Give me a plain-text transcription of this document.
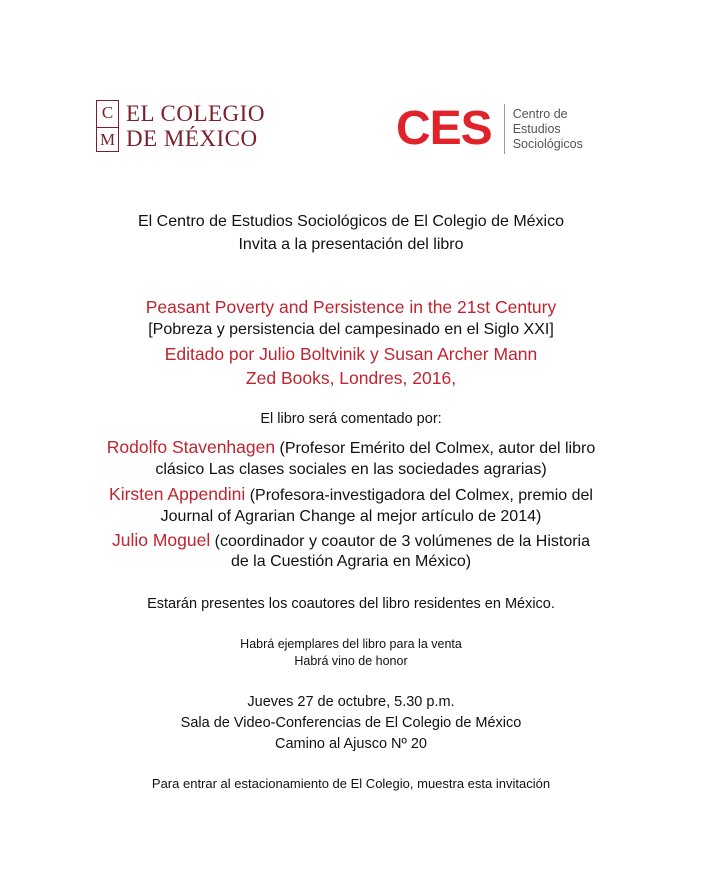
C
M
EL COLEGIO
DE MÉXICO	CES Centro de
Estudios
Sociológicos
El Centro de Estudios Sociológicos de El Colegio de México
Invita a la presentación del libro
Peasant Poverty and Persistence in the 21st Century
[Pobreza y persistencia del campesinado en el Siglo XXI]
Editado por Julio Boltvinik y Susan Archer Mann
Zed Books, Londres, 2016,
El libro será comentado por:
Rodolfo Stavenhagen (Profesor Emérito del Colmex, autor del libro
clásico Las clases sociales en las sociedades agrarias)
Kirsten Appendini (Profesora-investigadora del Colmex, premio del
Journal of Agrarian Change al mejor artículo de 2014)
Julio Moguel (coordinador y coautor de 3 volúmenes de la Historia
de la Cuestión Agraria en México)
Estarán presentes los coautores del libro residentes en México.
Habrá ejemplares del libro para la venta
Habrá vino de honor
Jueves 27 de octubre, 5.30 p.m.
Sala de Video-Conferencias de El Colegio de México
Camino al Ajusco Nº 20
Para entrar al estacionamiento de El Colegio, muestra esta invitación
